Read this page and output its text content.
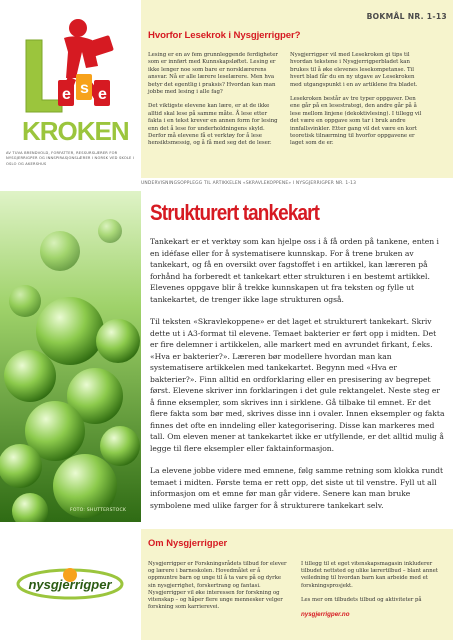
e s e
KROKEN
AV TUVA BRENDVOLD, FORFATTER, RESSURSLÆRER FOR NYSGJERRIGPER OG INNSPIRASJONSLÆRER I NORSK VED SKOLE I OSLO OG AKERSHUS
BOKMÅL NR. 1-13
Hvorfor Lesekrok i Nysgjerrigper?

Lesing er en av fem grunnleggende ferdigheter som er innført med Kunnskapsløftet. Lesing er ikke lenger noe som bare er norsklærerens ansvar. Nå er alle lærere leselærere. Men hva betyr det egentlig i praksis? Hvordan kan man jobbe med lesing i alle fag?

Det viktigste elevene kan lære, er at de ikke alltid skal lese på samme måte. Å lese etter fakta i en tekst krever en annen form for lesing enn det å lese for underholdningens skyld. Derfor må elevene få et verktøy for å lese hensiktsmessig, og å få med seg det de leser.

Nysgjerrigper vil med Lesekroken gi tips til hvordan tekstene i Nysgjerrigperbladet kan brukes til å øke elevenes lesekompetanse. Til hvert blad får du en ny utgave av Lesekroken med utgangspunkt i en av artiklene fra bladet.

Lesekroken består av tre typer oppgaver. Den ene går på en lesestrategi, den andre går på å lese mellom linjene (dekoktivlesing). I tillegg vil det være en oppgave som tar i bruk andre innfallsvinkler. Etter gang vil det være en kort teoretisk tilnærming til hvorfor oppgavene er laget som de er.

UNDERVISNINGSOPPLEGG TIL ARTIKKELEN «SKRAVLEKOPPENE» I NYSGJERRIGPER NR. 1-13
FOTO: SHUTTERSTOCK
Strukturert tankekart

Tankekart er et verktøy som kan hjelpe oss i å få orden på tankene, enten i en idéfase eller for å systematisere kunnskap. For å trene bruken av tankekart, og få en oversikt over fagstoffet i en artikkel, kan læreren på forhånd ha forberedt et tankekart etter strukturen i en bestemt artikkel. Elevenes oppgave blir å trekke kunnskapen ut fra teksten og fylle ut tankekartet, de trenger ikke lage strukturen også.

Til teksten «Skravlekoppene» er det laget et strukturert tankekart. Skriv dette ut i A3-format til elevene. Temaet bakterier er ført opp i midten. Det er fire delemner i artikkelen, alle markert med en avrundet firkant, f.eks. «Hva er bakterier?». Læreren bør modellere hvordan man kan systematisere artikkelen med tankekartet. Begynn med «Hva er bakterier?». Finn alltid en ordforklaring eller en presisering av begrepet først. Elevene skriver inn forklaringen i det gule rektangelet. Neste steg er å finne eksempler, som skrives inn i sirklene. Gå tilbake til emnet. Er det flere fakta som bør med, skrives disse inn i ovaler. Innen eksempler og fakta finnes det ofte en inndeling eller kategorisering. Disse kan markeres med tall. Om eleven mener at tankekartet ikke er utfyllende, er det alltid mulig å legge til flere eksempler eller faktainformasjon.

La elevene jobbe videre med emnene, følg samme retning som klokka rundt temaet i midten. Første tema er rett opp, det siste ut til venstre. Fyll ut all informasjon om et emne før man går videre. Senere kan man bruke symbolene med ulike farger for å strukturere tankekart selv.

nysgjerrigper
Om Nysgjerrigper

Nysgjerrigper er Forskningsrådets tilbud for elever og lærere i barneskolen. Hovedmålet er å oppmuntre barn og unge til å ta vare på og dyrke sin nysgjerrighet, forskertrang og fantasi. Nysgjerrigper vil øke interessen for forskning og vitenskap – og håper flere unge mennesker velger forskning som karrierevei.

I tillegg til et eget vitenskapsmagasin inkluderer tilbudet nettsted og ulike lærertilbud – blant annet veiledning til hvordan barn kan arbeide med et forskningsprosjekt.

Les mer om tilbudets tilbud og aktiviteter på

nysgjerrigper.no
